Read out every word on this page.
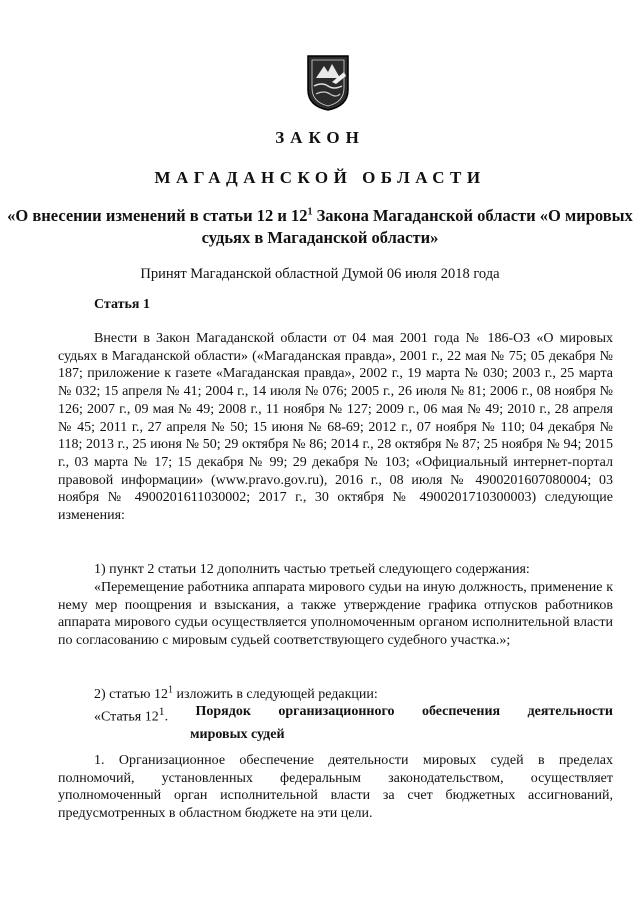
ЗАКОН
МАГАДАНСКОЙ ОБЛАСТИ
«О внесении изменений в статьи 12 и $12^1$ Закона Магаданской области «О мировых судьях в Магаданской области»
Принят Магаданской областной Думой 06 июля 2018 года
Статья 1
Внести в Закон Магаданской области от 04 мая 2001 года № 186-ОЗ «О мировых судьях в Магаданской области» («Магаданская правда», 2001 г., 22 мая № 75; 05 декабря № 187; приложение к газете «Магаданская правда», 2002 г., 19 марта № 030; 2003 г., 25 марта № 032; 15 апреля № 41; 2004 г., 14 июля № 076; 2005 г., 26 июля № 81; 2006 г., 08 ноября № 126; 2007 г., 09 мая № 49; 2008 г., 11 ноября № 127; 2009 г., 06 мая № 49; 2010 г., 28 апреля № 45; 2011 г., 27 апреля № 50; 15 июня № 68-69; 2012 г., 07 ноября № 110; 04 декабря № 118; 2013 г., 25 июня № 50; 29 октября № 86; 2014 г., 28 октября № 87; 25 ноября № 94; 2015 г., 03 марта № 17; 15 декабря № 99; 29 декабря № 103; «Официальный интернет-портал правовой информации» (www.pravo.gov.ru), 2016 г., 08 июля № 4900201607080004; 03 ноября № 4900201611030002; 2017 г., 30 октября № 4900201710300003) следующие изменения:
1) пункт 2 статьи 12 дополнить частью третьей следующего содержания:
«Перемещение работника аппарата мирового судьи на иную должность, применение к нему мер поощрения и взыскания, а также утверждение графика отпусков работников аппарата мирового судьи осуществляется уполномоченным органом исполнительной власти по согласованию с мировым судьей соответствующего судебного участка.»;
2) статью $12^1$ изложить в следующей редакции:
«Статья $12^1$. Порядок организационного обеспечения деятельности
мировых судей
1. Организационное обеспечение деятельности мировых судей в пределах полномочий, установленных федеральным законодательством, осуществляет уполномоченный орган исполнительной власти за счет бюджетных ассигнований, предусмотренных в областном бюджете на эти цели.
